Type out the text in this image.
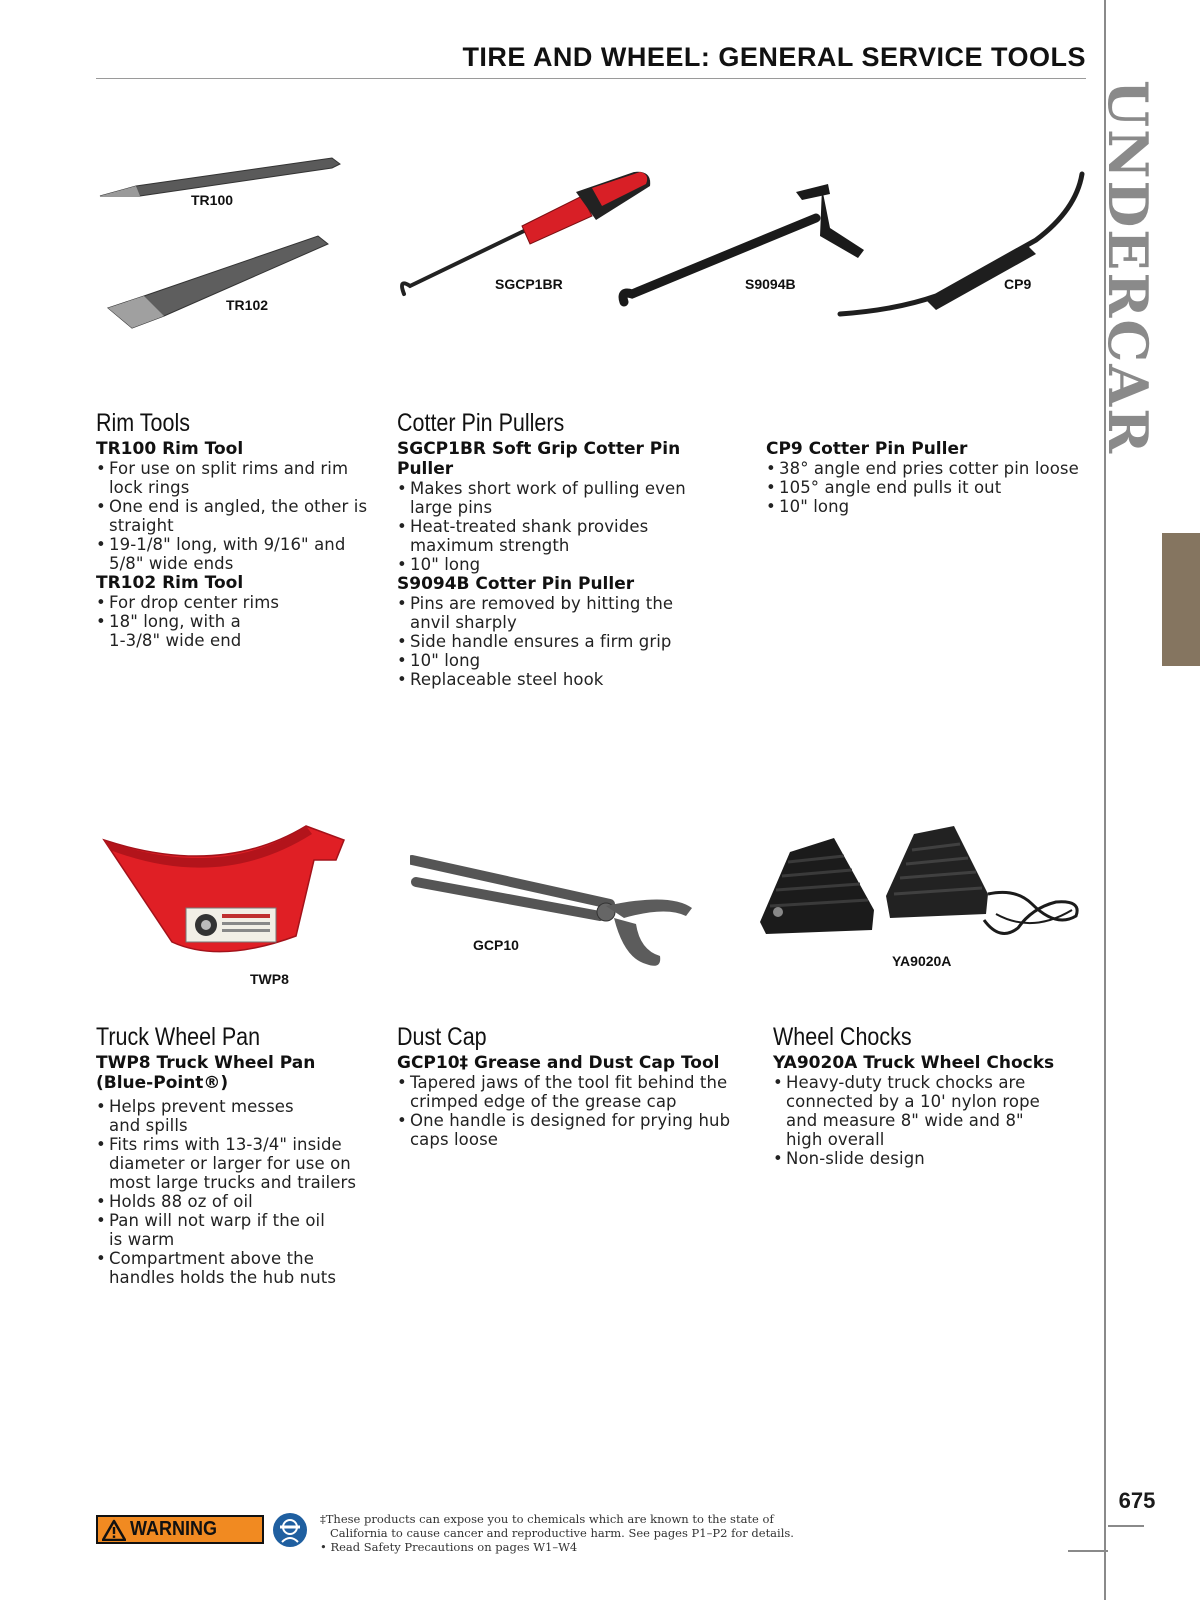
TIRE AND WHEEL: GENERAL SERVICE TOOLS
UNDERCAR
675
TR100
TR102
SGCP1BR	S9094B	CP9
Rim Tools
TR100 Rim Tool
• For use on split rims and rim lock rings
• One end is angled, the other is straight
• 19-1/8" long, with 9/16" and 5/8" wide ends
TR102 Rim Tool
• For drop center rims
• 18" long, with a 1-3/8" wide end
Cotter Pin Pullers
SGCP1BR Soft Grip Cotter Pin Puller
• Makes short work of pulling even large pins
• Heat-treated shank provides maximum strength
• 10" long
S9094B Cotter Pin Puller
• Pins are removed by hitting the anvil sharply
• Side handle ensures a firm grip
• 10" long
• Replaceable steel hook
CP9 Cotter Pin Puller
• 38° angle end pries cotter pin loose
• 105° angle end pulls it out
• 10" long
TWP8
GCP10
YA9020A
Truck Wheel Pan
TWP8 Truck Wheel Pan (Blue-Point®)
• Helps prevent messes and spills
• Fits rims with 13-3/4" inside diameter or larger for use on most large trucks and trailers
• Holds 88 oz of oil
• Pan will not warp if the oil is warm
• Compartment above the handles holds the hub nuts
Dust Cap
GCP10‡ Grease and Dust Cap Tool
• Tapered jaws of the tool fit behind the crimped edge of the grease cap
• One handle is designed for prying hub caps loose
Wheel Chocks
YA9020A Truck Wheel Chocks
• Heavy-duty truck chocks are connected by a 10' nylon rope and measure 8" wide and 8" high overall
• Non-slide design
WARNING	‡These products can expose you to chemicals which are known to the state of
California to cause cancer and reproductive harm. See pages P1–P2 for details.
• Read Safety Precautions on pages W1–W4
